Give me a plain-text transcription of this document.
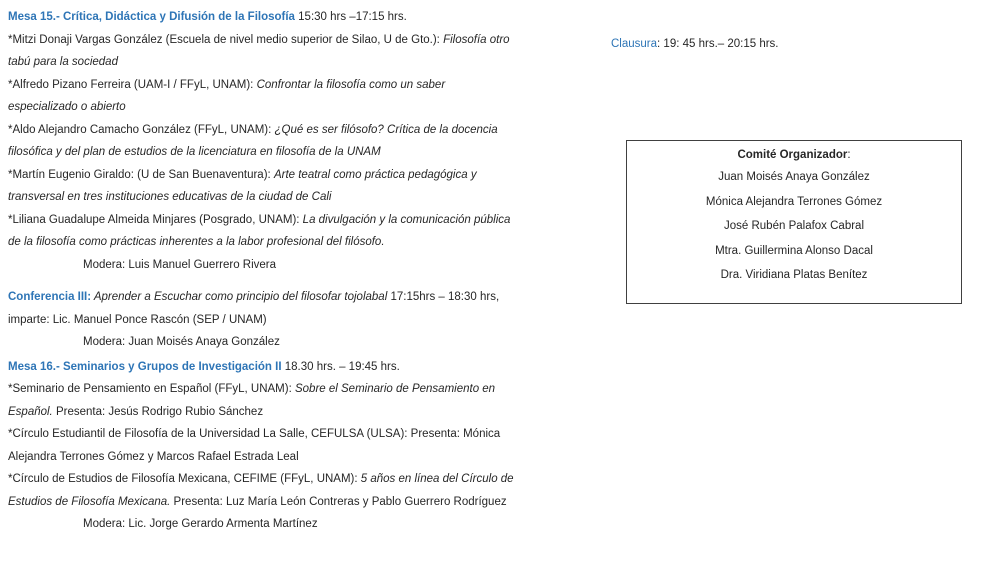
Mesa 15.- Crítica, Didáctica y Difusión de la Filosofía 15:30 hrs –17:15 hrs.
*Mitzi Donaji Vargas González (Escuela de nivel medio superior de Silao, U de Gto.): Filosofía otro
tabú para la sociedad
*Alfredo Pizano Ferreira (UAM-I / FFyL, UNAM): Confrontar la filosofía como un saber
especializado o abierto
*Aldo Alejandro Camacho González (FFyL, UNAM): ¿Qué es ser filósofo? Crítica de la docencia
filosófica y del plan de estudios de la licenciatura en filosofía de la UNAM
*Martín Eugenio Giraldo: (U de San Buenaventura): Arte teatral como práctica pedagógica y
transversal en tres instituciones educativas de la ciudad de Cali
*Liliana Guadalupe Almeida Minjares (Posgrado, UNAM): La divulgación y la comunicación pública
de la filosofía como prácticas inherentes a la labor profesional del filósofo.
Modera: Luis Manuel Guerrero Rivera
Conferencia III: Aprender a Escuchar como principio del filosofar tojolabal 17:15hrs – 18:30 hrs,
imparte: Lic. Manuel Ponce Rascón (SEP / UNAM)
Modera: Juan Moisés Anaya González
Mesa 16.- Seminarios y Grupos de Investigación II 18.30 hrs. – 19:45 hrs.
*Seminario de Pensamiento en Español (FFyL, UNAM): Sobre el Seminario de Pensamiento en
Español. Presenta: Jesús Rodrigo Rubio Sánchez
*Círculo Estudiantil de Filosofía de la Universidad La Salle, CEFULSA (ULSA): Presenta: Mónica
Alejandra Terrones Gómez y Marcos Rafael Estrada Leal
*Círculo de Estudios de Filosofía Mexicana, CEFIME (FFyL, UNAM): 5 años en línea del Círculo de
Estudios de Filosofía Mexicana. Presenta: Luz María León Contreras y Pablo Guerrero Rodríguez
Modera: Lic. Jorge Gerardo Armenta Martínez
Clausura: 19: 45 hrs.– 20:15 hrs.
Comité Organizador:
Juan Moisés Anaya González
Mónica Alejandra Terrones Gómez
José Rubén Palafox Cabral
Mtra. Guillermina Alonso Dacal
Dra. Viridiana Platas Benítez
